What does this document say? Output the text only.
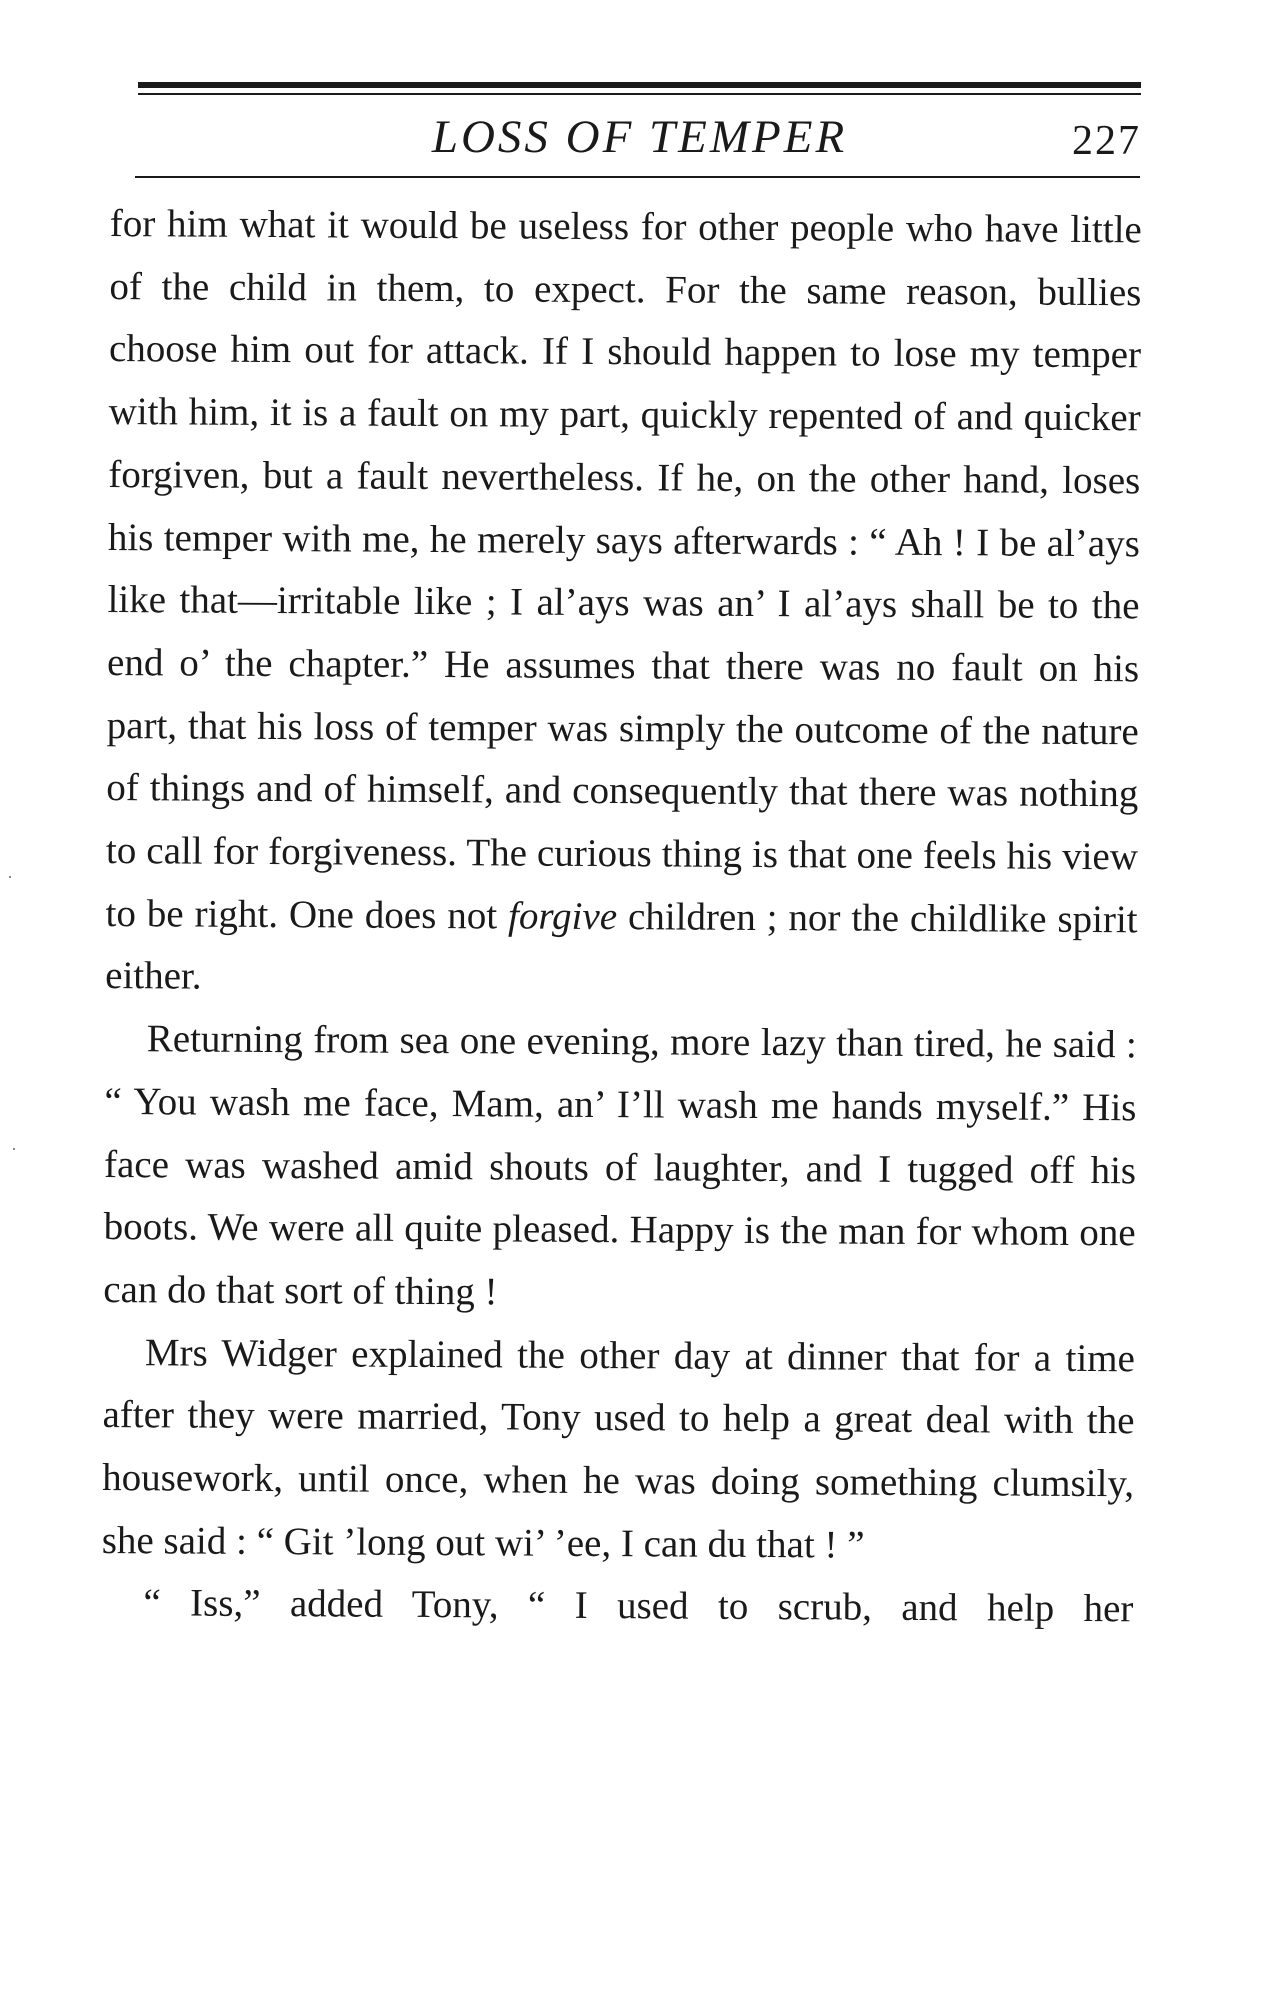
LOSS OF TEMPER	227

for him what it would be useless for other people who have little of the child in them, to expect. For the same reason, bullies choose him out for attack. If I should happen to lose my temper with him, it is a fault on my part, quickly repented of and quicker forgiven, but a fault nevertheless. If he, on the other hand, loses his temper with me, he merely says afterwards : “ Ah ! I be al’ays like that—irritable like ; I al’ays was an’ I al’ays shall be to the end o’ the chapter.” He assumes that there was no fault on his part, that his loss of temper was simply the outcome of the nature of things and of himself, and consequently that there was nothing to call for forgiveness. The curious thing is that one feels his view to be right. One does not forgive children ; nor the childlike spirit either.

Returning from sea one evening, more lazy than tired, he said : “ You wash me face, Mam, an’ I’ll wash me hands myself.” His face was washed amid shouts of laughter, and I tugged off his boots. We were all quite pleased. Happy is the man for whom one can do that sort of thing !

Mrs Widger explained the other day at dinner that for a time after they were married, Tony used to help a great deal with the housework, until once, when he was doing something clumsily, she said : “ Git ’long out wi’ ’ee, I can du that ! ”

“ Iss,” added Tony, “ I used to scrub, and help her
